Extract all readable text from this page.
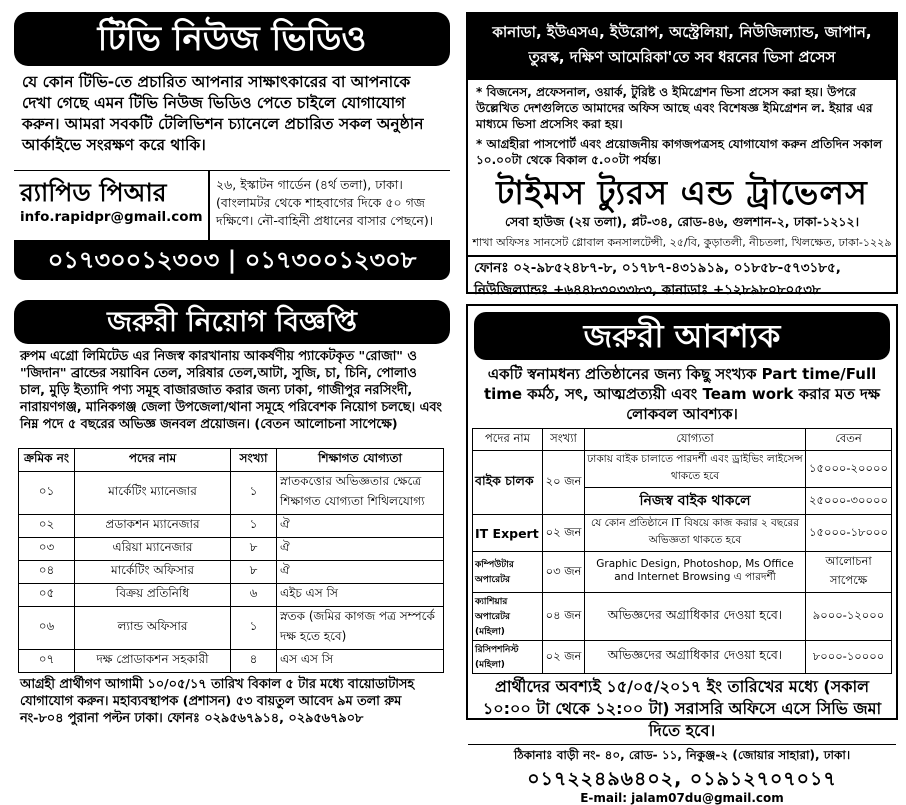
টিভি নিউজ ভিডিও
যে কোন টিভি-তে প্রচারিত আপনার সাক্ষাৎকারের বা আপনাকে দেখা গেছে এমন টিভি নিউজ ভিডিও পেতে চাইলে যোগাযোগ করুন। আমরা সবকটি টেলিভিশন চ্যানেলে প্রচারিত সকল অনুষ্ঠান আর্কাইভে সংরক্ষণ করে থাকি।
র‍্যাপিড পিআর
info.rapidpr@gmail.com
২৬, ইস্কাটন গার্ডেন (৪র্থ তলা), ঢাকা। (বাংলামটর থেকে শাহবাগের দিকে ৫০ গজ দক্ষিণে। নৌ-বাহিনী প্রধানের বাসার পেছনে)।
০১৭৩০০১২৩০৩ | ০১৭৩০০১২৩০৮
কানাডা, ইউএসএ, ইউরোপ, অস্ট্রেলিয়া, নিউজিল্যান্ড, জাপান, তুরস্ক, দক্ষিণ আমেরিকা'তে সব ধরনের ভিসা প্রসেস
* বিজনেস, প্রফেসনাল, ওয়ার্ক, টুরিষ্ট ও ইমিগ্রেশন ভিসা প্রসেস করা হয়। উপরে উল্লেখিত দেশগুলিতে আমাদের অফিস আছে এবং বিশেষজ্ঞ ইমিগ্রেশন ল. ইয়ার এর মাধ্যমে ভিসা প্রসেসিং করা হয়।
* আগ্রহীরা পাসপোর্ট এবং প্রয়োজনীয় কাগজপত্রসহ যোগাযোগ করুন প্রতিদিন সকাল ১০.০০টা থেকে বিকাল ৫.০০টা পর্যন্ত।
টাইমস ট্যুরস এন্ড ট্রাভেলস
সেবা হাউজ (২য় তলা), প্লট-৩৪, রোড-৪৬, গুলশান-২, ঢাকা-১২১২।
শাখা অফিসঃ সানসেট গ্লোবাল কনসালটেন্সী, ২৫/বি, কুড়াতলী, নীচতলা, খিলক্ষেত, ঢাকা-১২২৯
ফোনঃ ০২-৯৮৫২৪৮৭-৮, ০১৭৮৭-৪৩১৯১৯, ০১৮৫৮-৫৭৩১৮৫,
নিউজিল্যান্ডঃ +৬৪৪৮৩০৩৩৮৩, কানাডাঃ +১২৮৯৮০৮০৫৩৮
জরুরী নিয়োগ বিজ্ঞপ্তি
রুপম এগ্রো লিমিটেড এর নিজস্ব কারখানায় আকর্ষণীয় প্যাকেটকৃত "রোজা" ও "জিদান" ব্রান্ডের সয়াবিন তেল, সরিষার তেল,আটা, সুজি, চা, চিনি, পোলাও চাল, মুড়ি ইত্যাদি পণ্য সমূহ বাজারজাত করার জন্য ঢাকা, গাজীপুর নরসিংদী, নারায়ণগঞ্জ, মানিকগঞ্জ জেলা উপজেলা/থানা সমূহে পরিবেশক নিয়োগ চলছে। এবং নিম্ন পদে ৫ বছরের অভিজ্ঞ জনবল প্রয়োজন। (বেতন আলোচনা সাপেক্ষে)
ক্রমিক নং	পদের নাম	সংখ্যা	শিক্ষাগত যোগ্যতা
০১	মার্কেটিং ম্যানেজার	১	স্নাতকত্তোর অভিজ্ঞতার ক্ষেত্রে শিক্ষাগত যোগ্যতা শিথিলযোগ্য
০২	প্রডাকশন ম্যানেজার	১	ঐ
০৩	এরিয়া ম্যানেজার	৮	ঐ
০৪	মার্কেটিং অফিসার	৮	ঐ
০৫	বিক্রয় প্রতিনিধি	৬	এইচ এস সি
০৬	ল্যান্ড অফিসার	১	স্নতক (জমির কাগজ পত্র সম্পর্কে দক্ষ হতে হবে)
০৭	দক্ষ প্রোডাকশন সহকারী	৪	এস এস সি
আগ্রহী প্রার্থীগণ আগামী ১০/০৫/১৭ তারিখ বিকাল ৫ টার মধ্যে বায়োডাটাসহ যোগাযোগ করুন। মহাব্যবস্থাপক (প্রশাসন) ৫৩ বায়তুল আবেদ ৯ম তলা রুম নং-৮০৪ পুরানা পল্টন ঢাকা। ফোনঃ ০২৯৫৬৭৯১৪, ০২৯৫৬৭৯০৮
জরুরী আবশ্যক
একটি স্বনামধন্য প্রতিষ্ঠানের জন্য কিছু সংখ্যক Part time/Full time কর্মঠ, সৎ, আত্মপ্রত্যয়ী এবং Team work করার মত দক্ষ লোকবল আবশ্যক।
পদের নাম	সংখ্যা	যোগ্যতা	বেতন
বাইক চালক	২০ জন	ঢাকায় বাইক চালাতে পারদর্শী এবং ড্রাইভিং লাইসেন্স থাকতে হবে	১৫০০০-২০০০০
		নিজস্ব বাইক থাকলে	২৫০০০-৩০০০০
IT Expert	০২ জন	যে কোন প্রতিষ্ঠানে IT বিষয়ে কাজ করার ২ বছরের অভিজ্ঞতা থাকতে হবে	১৫০০০-১৮০০০
কম্পিউটার অপারেটর	০৩ জন	Graphic Design, Photoshop, Ms Office and Internet Browsing এ পারদর্শী	আলোচনা সাপেক্ষে
ক্যাশিয়ার অপারেটর (মহিলা)	০৪ জন	অভিজ্ঞদের অগ্রাধিকার দেওয়া হবে।	৯০০০-১২০০০
রিসিপশনিস্ট (মহিলা)	০২ জন	অভিজ্ঞদের অগ্রাধিকার দেওয়া হবে।	৮০০০-১০০০০
প্রার্থীদের অবশ্যই ১৫/০৫/২০১৭ ইং তারিখের মধ্যে (সকাল ১০:০০ টা থেকে ১২:০০ টা) সরাসরি অফিসে এসে সিভি জমা দিতে হবে।
ঠিকানাঃ বাড়ী নং- ৪০, রোড- ১১, নিকুঞ্জ-২ (জোয়ার সাহারা), ঢাকা।
০১৭২২৪৯৬৪০২, ০১৯১২৭০৭০১৭
E-mail: jalam07du@gmail.com
